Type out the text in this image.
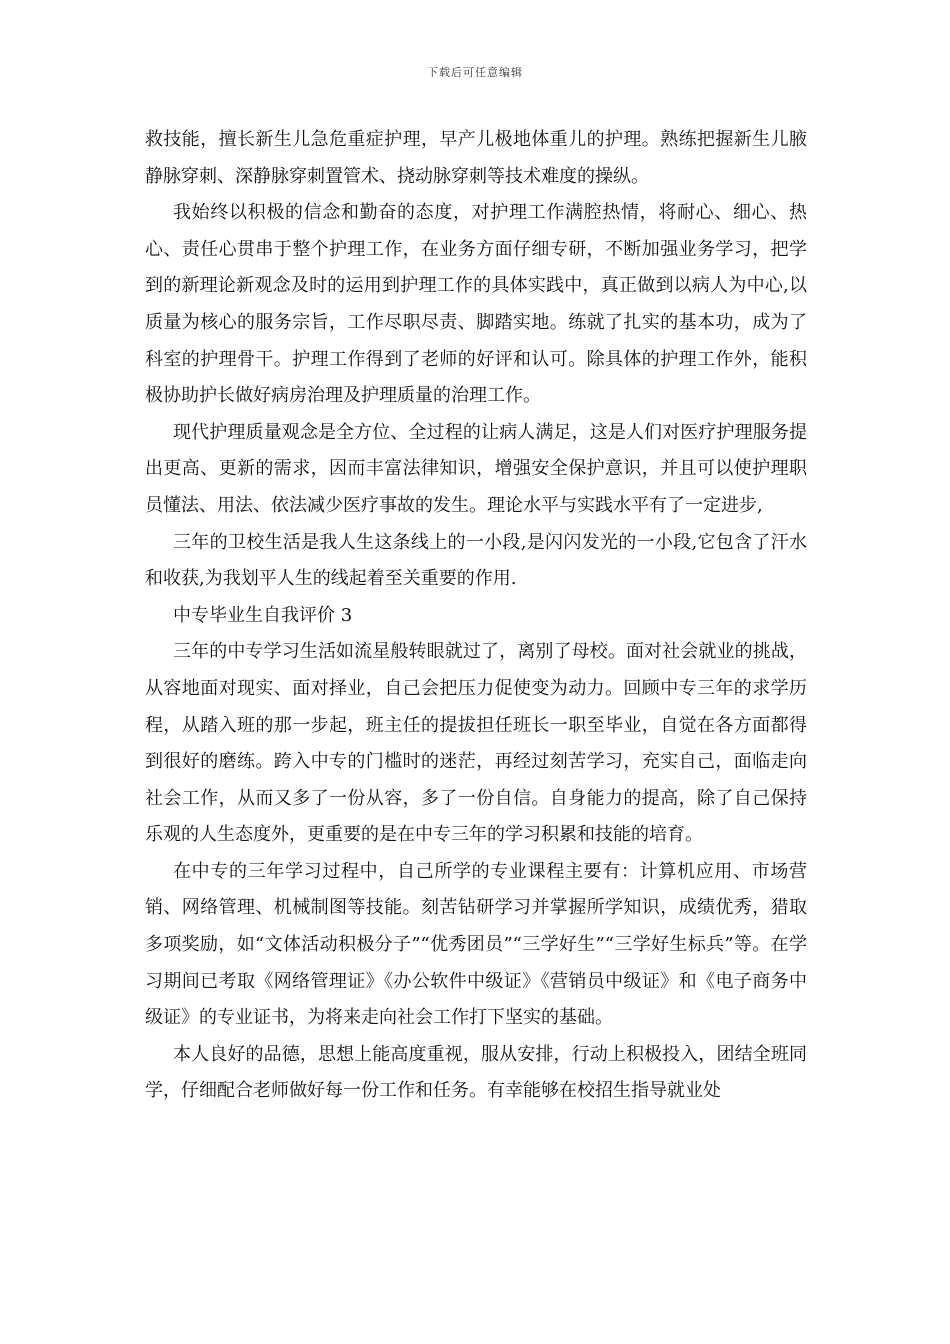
下载后可任意编辑

救技能，擅长新生儿急危重症护理，早产儿极地体重儿的护理。熟练把握新生儿腋静脉穿刺、深静脉穿刺置管术、挠动脉穿刺等技术难度的操纵。

我始终以积极的信念和勤奋的态度，对护理工作满腔热情，将耐心、细心、热心、责任心贯串于整个护理工作，在业务方面仔细专研，不断加强业务学习，把学到的新理论新观念及时的运用到护理工作的具体实践中，真正做到以病人为中心,以质量为核心的服务宗旨，工作尽职尽责、脚踏实地。练就了扎实的基本功，成为了科室的护理骨干。护理工作得到了老师的好评和认可。除具体的护理工作外，能积极协助护长做好病房治理及护理质量的治理工作。

现代护理质量观念是全方位、全过程的让病人满足，这是人们对医疗护理服务提出更高、更新的需求，因而丰富法律知识，增强安全保护意识，并且可以使护理职员懂法、用法、依法减少医疗事故的发生。理论水平与实践水平有了一定进步,

三年的卫校生活是我人生这条线上的一小段,是闪闪发光的一小段,它包含了汗水和收获,为我划平人生的线起着至关重要的作用.

中专毕业生自我评价 3

三年的中专学习生活如流星般转眼就过了，离别了母校。面对社会就业的挑战，从容地面对现实、面对择业，自己会把压力促使变为动力。回顾中专三年的求学历程，从踏入班的那一步起，班主任的提拔担任班长一职至毕业，自觉在各方面都得到很好的磨练。跨入中专的门槛时的迷茫，再经过刻苦学习，充实自己，面临走向社会工作，从而又多了一份从容，多了一份自信。自身能力的提高，除了自己保持乐观的人生态度外，更重要的是在中专三年的学习积累和技能的培育。

在中专的三年学习过程中，自己所学的专业课程主要有：计算机应用、市场营销、网络管理、机械制图等技能。刻苦钻研学习并掌握所学知识，成绩优秀，猎取多项奖励，如“文体活动积极分子”“优秀团员”“三学好生”“三学好生标兵”等。在学习期间已考取《网络管理证》《办公软件中级证》《营销员中级证》和《电子商务中级证》的专业证书，为将来走向社会工作打下坚实的基础。

本人良好的品德，思想上能高度重视，服从安排，行动上积极投入，团结全班同学，仔细配合老师做好每一份工作和任务。有幸能够在校招生指导就业处
